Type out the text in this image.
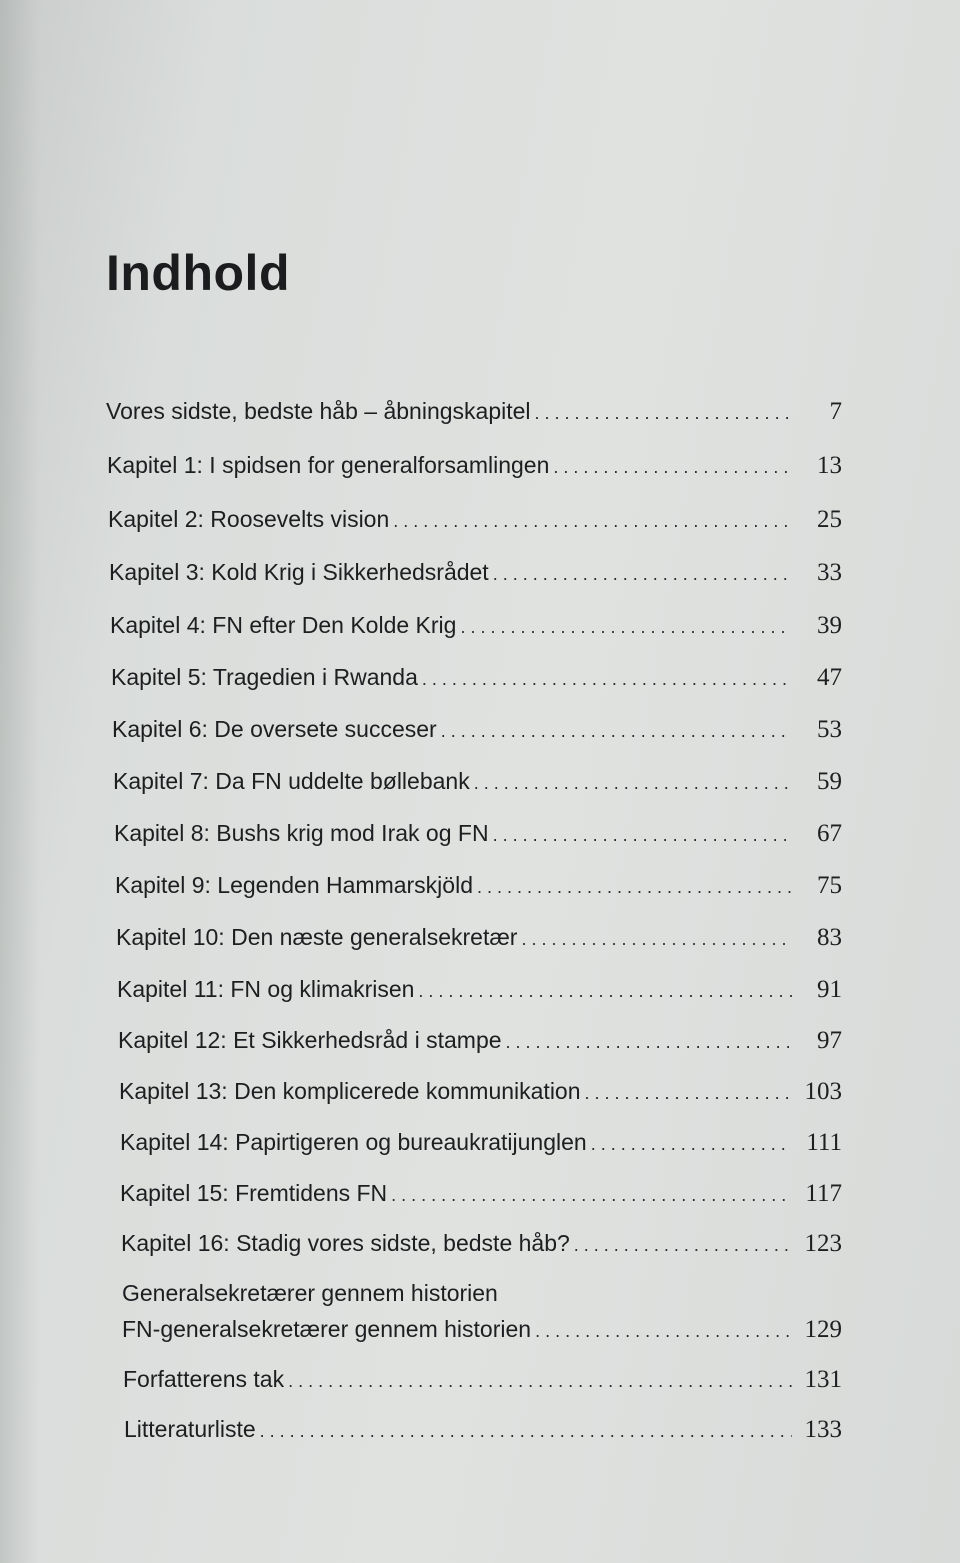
Indhold
Vores sidste, bedste håb – åbningskapitel . . .	7
Kapitel 1: I spidsen for generalforsamlingen . . .	13
Kapitel 2: Roosevelts vision . . .	25
Kapitel 3: Kold Krig i Sikkerhedsrådet . . .	33
Kapitel 4: FN efter Den Kolde Krig . . .	39
Kapitel 5: Tragedien i Rwanda . . .	47
Kapitel 6: De oversete succeser . . .	53
Kapitel 7: Da FN uddelte bøllebank . . .	59
Kapitel 8: Bushs krig mod Irak og FN . . .	67
Kapitel 9: Legenden Hammarskjöld . . .	75
Kapitel 10: Den næste generalsekretær . . .	83
Kapitel 11: FN og klimakrisen . . .	91
Kapitel 12: Et Sikkerhedsråd i stampe . . .	97
Kapitel 13: Den komplicerede kommunikation . . .	103
Kapitel 14: Papirtigeren og bureaukratijunglen . . .	111
Kapitel 15: Fremtidens FN . . .	117
Kapitel 16: Stadig vores sidste, bedste håb? . . .	123
Generalsekretærer gennem historien
FN-generalsekretærer gennem historien . . .	129
Forfatterens tak . . .	131
Litteraturliste . . .	133
